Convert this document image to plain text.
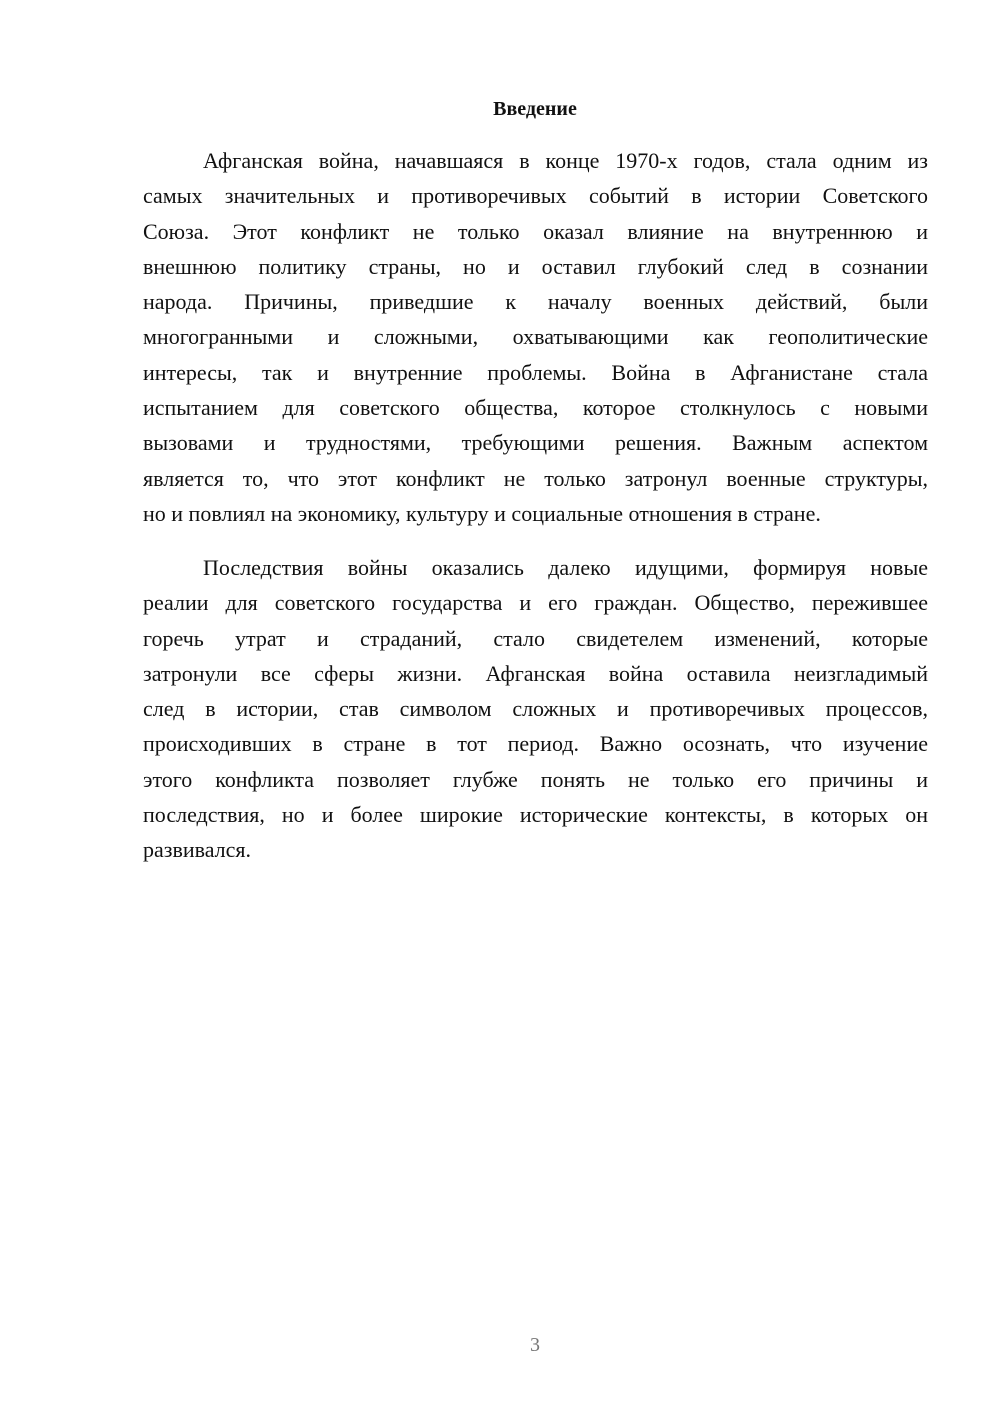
Введение
Афганская война, начавшаяся в конце 1970-х годов, стала одним из
самых значительных и противоречивых событий в истории Советского
Союза. Этот конфликт не только оказал влияние на внутреннюю и
внешнюю политику страны, но и оставил глубокий след в сознании
народа. Причины, приведшие к началу военных действий, были
многогранными и сложными, охватывающими как геополитические
интересы, так и внутренние проблемы. Война в Афганистане стала
испытанием для советского общества, которое столкнулось с новыми
вызовами и трудностями, требующими решения. Важным аспектом
является то, что этот конфликт не только затронул военные структуры,
но и повлиял на экономику, культуру и социальные отношения в стране.
Последствия войны оказались далеко идущими, формируя новые
реалии для советского государства и его граждан. Общество, пережившее
горечь утрат и страданий, стало свидетелем изменений, которые
затронули все сферы жизни. Афганская война оставила неизгладимый
след в истории, став символом сложных и противоречивых процессов,
происходивших в стране в тот период. Важно осознать, что изучение
этого конфликта позволяет глубже понять не только его причины и
последствия, но и более широкие исторические контексты, в которых он
развивался.
3
